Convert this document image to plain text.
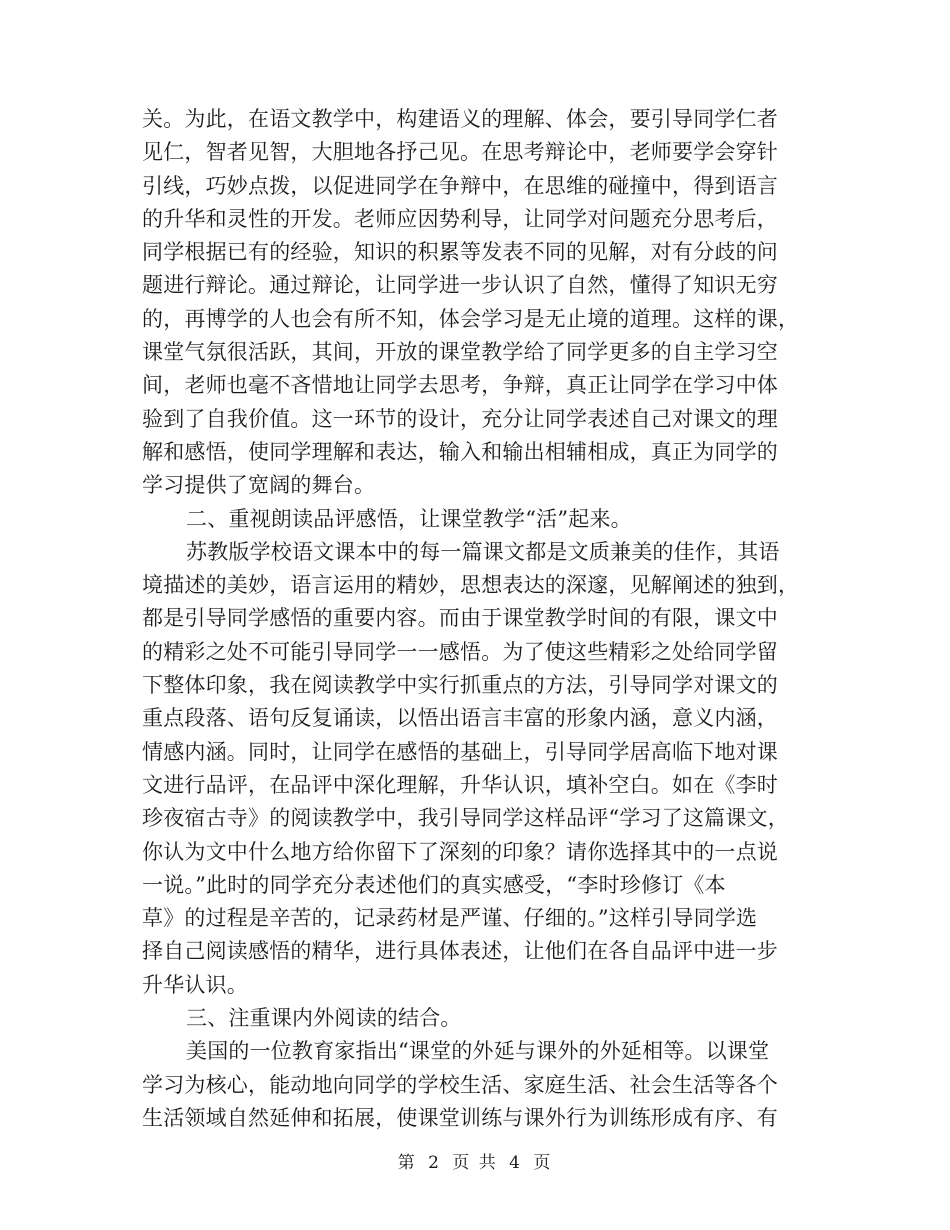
关。为此，在语文教学中，构建语义的理解、体会，要引导同学仁者
见仁，智者见智，大胆地各抒己见。在思考辩论中，老师要学会穿针
引线，巧妙点拨，以促进同学在争辩中，在思维的碰撞中，得到语言
的升华和灵性的开发。老师应因势利导，让同学对问题充分思考后，
同学根据已有的经验，知识的积累等发表不同的见解，对有分歧的问
题进行辩论。通过辩论，让同学进一步认识了自然，懂得了知识无穷
的，再博学的人也会有所不知，体会学习是无止境的道理。这样的课，
课堂气氛很活跃，其间，开放的课堂教学给了同学更多的自主学习空
间，老师也毫不吝惜地让同学去思考，争辩，真正让同学在学习中体
验到了自我价值。这一环节的设计，充分让同学表述自己对课文的理
解和感悟，使同学理解和表达，输入和输出相辅相成，真正为同学的
学习提供了宽阔的舞台。
二、重视朗读品评感悟，让课堂教学“活”起来。
苏教版学校语文课本中的每一篇课文都是文质兼美的佳作，其语
境描述的美妙，语言运用的精妙，思想表达的深邃，见解阐述的独到，
都是引导同学感悟的重要内容。而由于课堂教学时间的有限，课文中
的精彩之处不可能引导同学一一感悟。为了使这些精彩之处给同学留
下整体印象，我在阅读教学中实行抓重点的方法，引导同学对课文的
重点段落、语句反复诵读，以悟出语言丰富的形象内涵，意义内涵，
情感内涵。同时，让同学在感悟的基础上，引导同学居高临下地对课
文进行品评，在品评中深化理解，升华认识，填补空白。如在《李时
珍夜宿古寺》的阅读教学中，我引导同学这样品评“学习了这篇课文，
你认为文中什么地方给你留下了深刻的印象？请你选择其中的一点说
一说。”此时的同学充分表述他们的真实感受，“李时珍修订《本
草》的过程是辛苦的，记录药材是严谨、仔细的。”这样引导同学选
择自己阅读感悟的精华，进行具体表述，让他们在各自品评中进一步
升华认识。
三、注重课内外阅读的结合。
美国的一位教育家指出“课堂的外延与课外的外延相等。以课堂
学习为核心，能动地向同学的学校生活、家庭生活、社会生活等各个
生活领域自然延伸和拓展，使课堂训练与课外行为训练形成有序、有
第 2 页 共 4 页
